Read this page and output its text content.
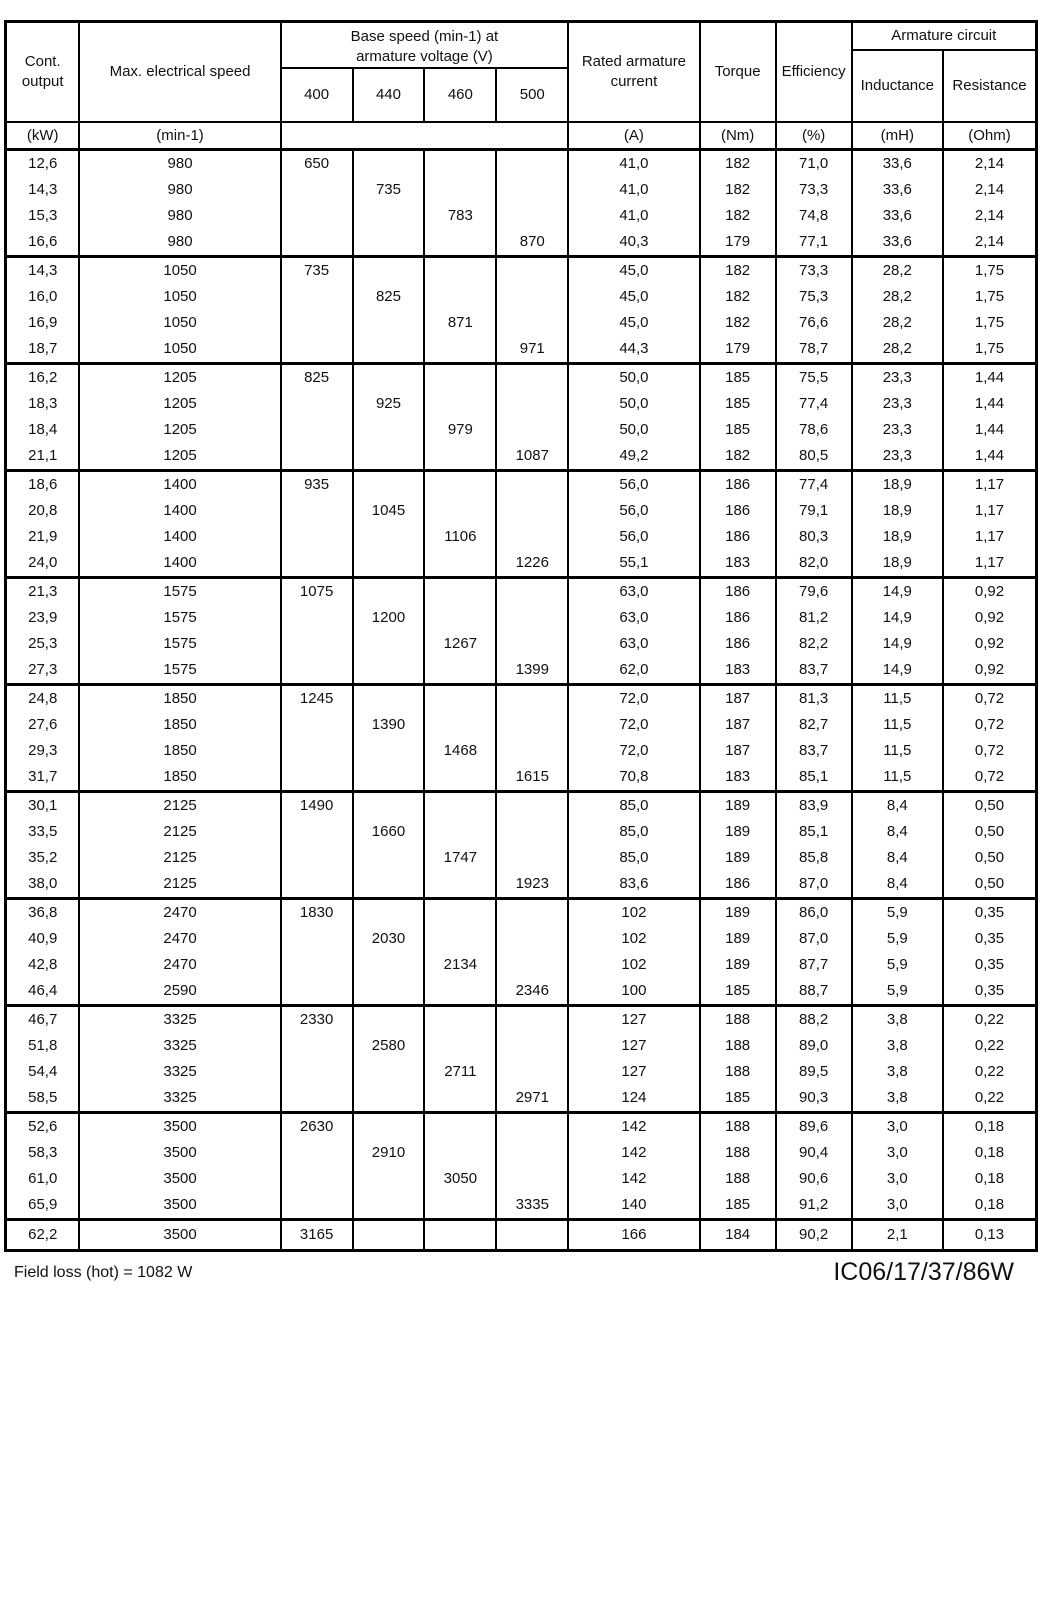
Cont. output	Max. electrical speed	Base speed (min-1) at armature voltage (V)				Rated armature current	Torque	Efficiency	Armature circuit	
									Inductance	Resistance
		400	440	460	500					
(kW)	(min-1)					(A)	(Nm)	(%)	(mH)	(Ohm)
12,6	980	650				41,0	182	71,0	33,6	2,14
14,3	980		735			41,0	182	73,3	33,6	2,14
15,3	980			783		41,0	182	74,8	33,6	2,14
16,6	980				870	40,3	179	77,1	33,6	2,14
14,3	1050	735				45,0	182	73,3	28,2	1,75
16,0	1050		825			45,0	182	75,3	28,2	1,75
16,9	1050			871		45,0	182	76,6	28,2	1,75
18,7	1050				971	44,3	179	78,7	28,2	1,75
16,2	1205	825				50,0	185	75,5	23,3	1,44
18,3	1205		925			50,0	185	77,4	23,3	1,44
18,4	1205			979		50,0	185	78,6	23,3	1,44
21,1	1205				1087	49,2	182	80,5	23,3	1,44
18,6	1400	935				56,0	186	77,4	18,9	1,17
20,8	1400		1045			56,0	186	79,1	18,9	1,17
21,9	1400			1106		56,0	186	80,3	18,9	1,17
24,0	1400				1226	55,1	183	82,0	18,9	1,17
21,3	1575	1075				63,0	186	79,6	14,9	0,92
23,9	1575		1200			63,0	186	81,2	14,9	0,92
25,3	1575			1267		63,0	186	82,2	14,9	0,92
27,3	1575				1399	62,0	183	83,7	14,9	0,92
24,8	1850	1245				72,0	187	81,3	11,5	0,72
27,6	1850		1390			72,0	187	82,7	11,5	0,72
29,3	1850			1468		72,0	187	83,7	11,5	0,72
31,7	1850				1615	70,8	183	85,1	11,5	0,72
30,1	2125	1490				85,0	189	83,9	8,4	0,50
33,5	2125		1660			85,0	189	85,1	8,4	0,50
35,2	2125			1747		85,0	189	85,8	8,4	0,50
38,0	2125				1923	83,6	186	87,0	8,4	0,50
36,8	2470	1830				102	189	86,0	5,9	0,35
40,9	2470		2030			102	189	87,0	5,9	0,35
42,8	2470			2134		102	189	87,7	5,9	0,35
46,4	2590				2346	100	185	88,7	5,9	0,35
46,7	3325	2330				127	188	88,2	3,8	0,22
51,8	3325		2580			127	188	89,0	3,8	0,22
54,4	3325			2711		127	188	89,5	3,8	0,22
58,5	3325				2971	124	185	90,3	3,8	0,22
52,6	3500	2630				142	188	89,6	3,0	0,18
58,3	3500		2910			142	188	90,4	3,0	0,18
61,0	3500			3050		142	188	90,6	3,0	0,18
65,9	3500				3335	140	185	91,2	3,0	0,18
62,2	3500	3165				166	184	90,2	2,1	0,13
Field loss (hot) = 1082 W	IC06/17/37/86W
